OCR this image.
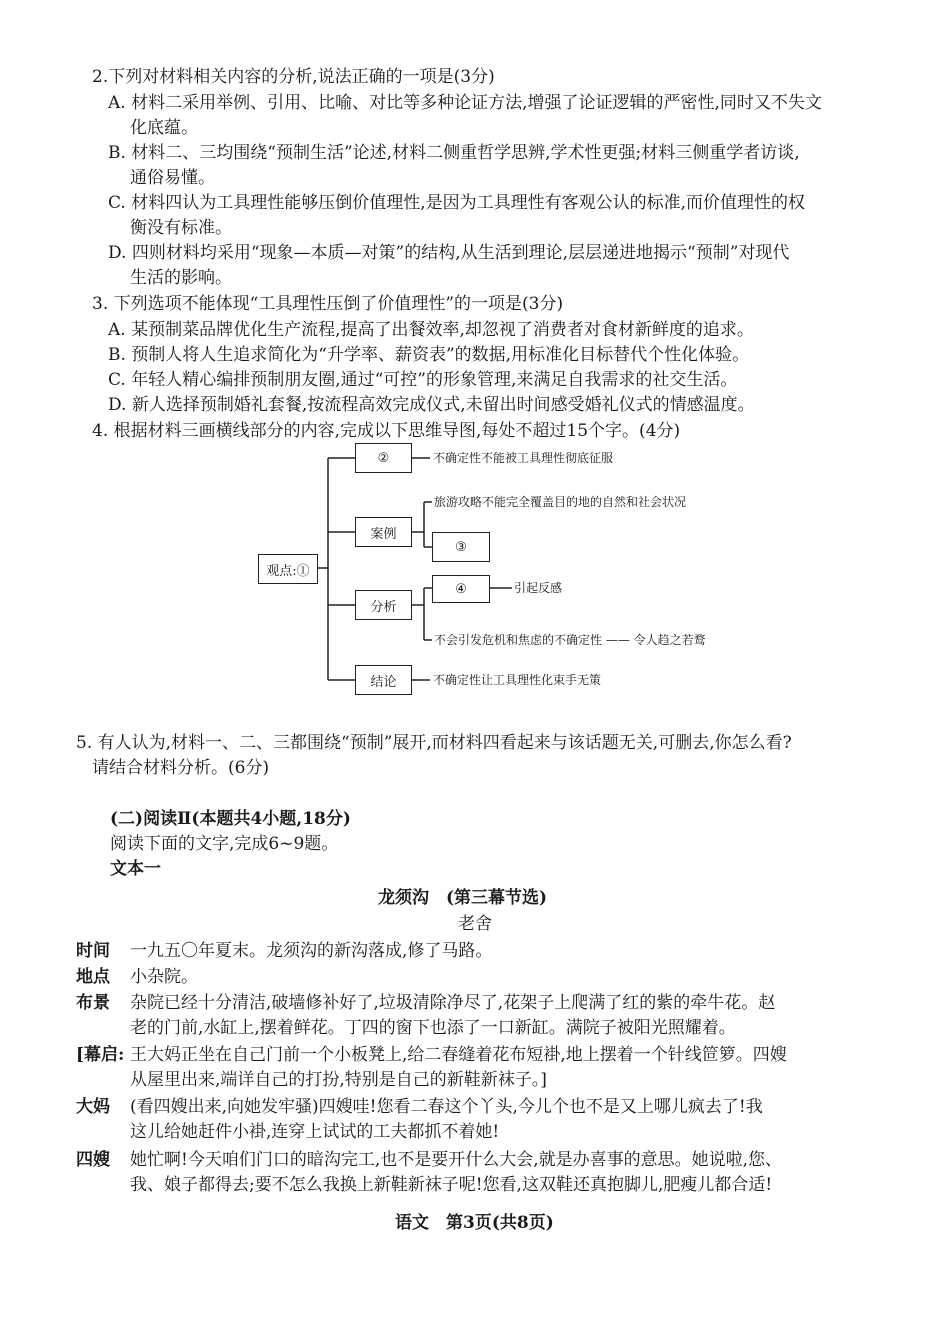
2.下列对材料相关内容的分析,说法正确的一项是(3分)
A. 材料二采用举例、引用、比喻、对比等多种论证方法,增强了论证逻辑的严密性,同时又不失文
化底蕴。
B. 材料二、三均围绕“预制生活”论述,材料二侧重哲学思辨,学术性更强;材料三侧重学者访谈,
通俗易懂。
C. 材料四认为工具理性能够压倒价值理性,是因为工具理性有客观公认的标准,而价值理性的权
衡没有标准。
D. 四则材料均采用“现象—本质—对策”的结构,从生活到理论,层层递进地揭示“预制”对现代
生活的影响。
3. 下列选项不能体现“工具理性压倒了价值理性”的一项是(3分)
A. 某预制菜品牌优化生产流程,提高了出餐效率,却忽视了消费者对食材新鲜度的追求。
B. 预制人将人生追求简化为“升学率、薪资表”的数据,用标准化目标替代个性化体验。
C. 年轻人精心编排预制朋友圈,通过“可控”的形象管理,来满足自我需求的社交生活。
D. 新人选择预制婚礼套餐,按流程高效完成仪式,未留出时间感受婚礼仪式的情感温度。
4. 根据材料三画横线部分的内容,完成以下思维导图,每处不超过15个字。(4分)
观点:①
②	不确定性不能被工具理性彻底征服
案例
旅游攻略不能完全覆盖目的地的自然和社会状况
③
分析
④	引起反感
不会引发危机和焦虑的不确定性 —— 令人趋之若鹜
结论	不确定性让工具理性化束手无策
5. 有人认为,材料一、二、三都围绕“预制”展开,而材料四看起来与该话题无关,可删去,你怎么看?
请结合材料分析。(6分)
(二)阅读Ⅱ(本题共4小题,18分)
阅读下面的文字,完成6~9题。
文本一
龙须沟 (第三幕节选)
老舍
时间 一九五〇年夏末。龙须沟的新沟落成,修了马路。
地点 小杂院。
布景 杂院已经十分清洁,破墙修补好了,垃圾清除净尽了,花架子上爬满了红的紫的牵牛花。赵
老的门前,水缸上,摆着鲜花。丁四的窗下也添了一口新缸。满院子被阳光照耀着。
[幕启: 王大妈正坐在自己门前一个小板凳上,给二春缝着花布短褂,地上摆着一个针线笸箩。四嫂
从屋里出来,端详自己的打扮,特别是自己的新鞋新袜子。]
大妈 (看四嫂出来,向她发牢骚)四嫂哇!您看二春这个丫头,今儿个也不是又上哪儿疯去了!我
这儿给她赶件小褂,连穿上试试的工夫都抓不着她!
四嫂 她忙啊!今天咱们门口的暗沟完工,也不是要开什么大会,就是办喜事的意思。她说啦,您、
我、娘子都得去;要不怎么我换上新鞋新袜子呢!您看,这双鞋还真抱脚儿,肥瘦儿都合适!
语文　第3页(共8页)
